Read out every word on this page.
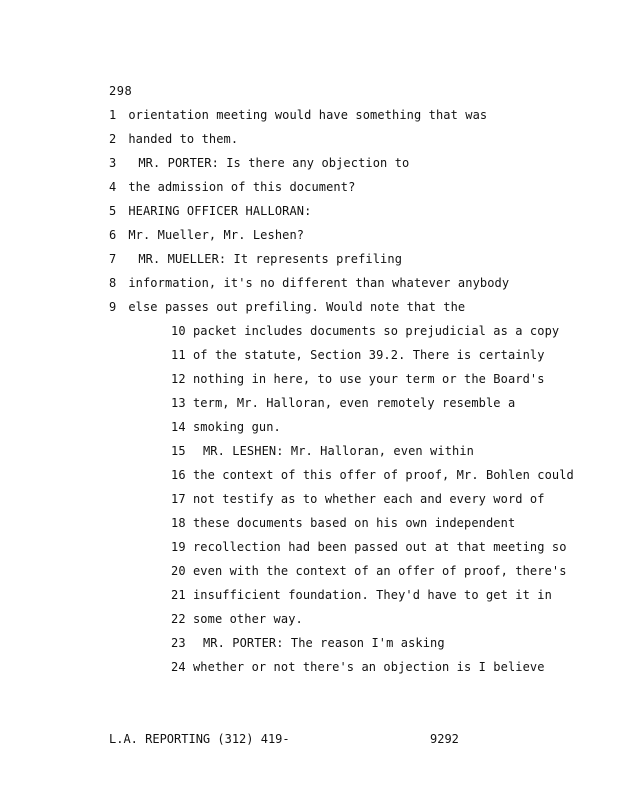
298
1 orientation meeting would have something that was
2 handed to them.
3 MR. PORTER: Is there any objection to
4 the admission of this document?
5 HEARING OFFICER HALLORAN:
6 Mr. Mueller, Mr. Leshen?
7 MR. MUELLER: It represents prefiling
8 information, it's no different than whatever anybody
9 else passes out prefiling. Would note that the
10 packet includes documents so prejudicial as a copy
11 of the statute, Section 39.2. There is certainly
12 nothing in here, to use your term or the Board's
13 term, Mr. Halloran, even remotely resemble a
14 smoking gun.
15 MR. LESHEN: Mr. Halloran, even within
16 the context of this offer of proof, Mr. Bohlen could
17 not testify as to whether each and every word of
18 these documents based on his own independent
19 recollection had been passed out at that meeting so
20 even with the context of an offer of proof, there's
21 insufficient foundation. They'd have to get it in
22 some other way.
23 MR. PORTER: The reason I'm asking
24 whether or not there's an objection is I believe
L.A. REPORTING (312) 419-	9292
